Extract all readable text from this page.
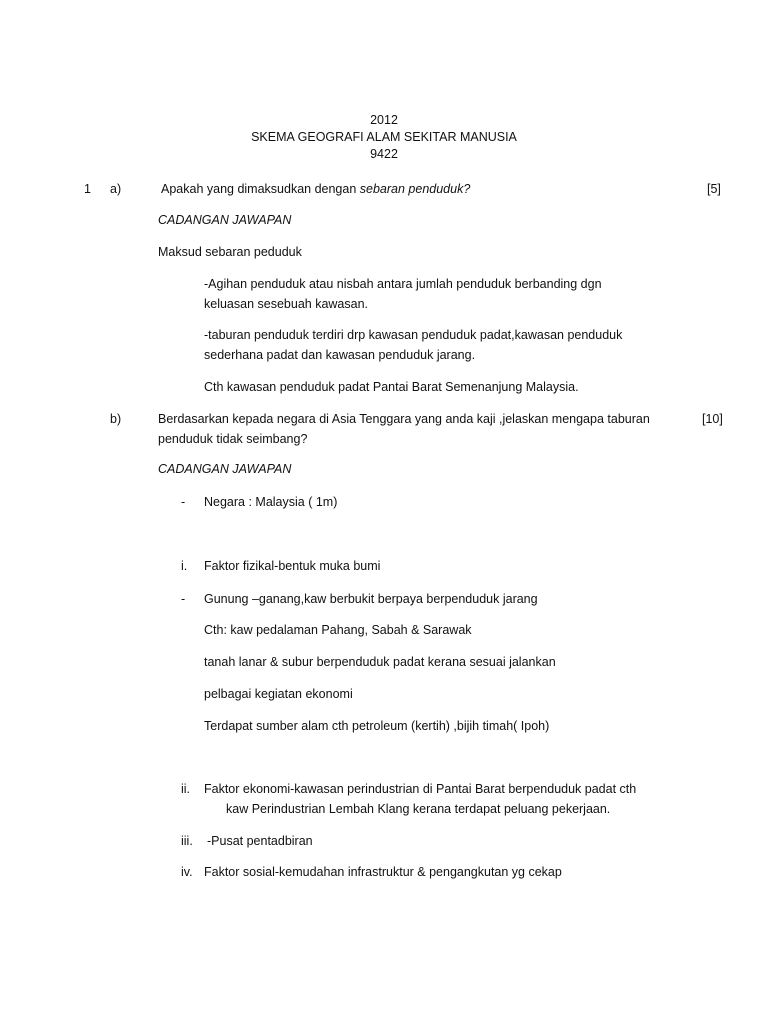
2012
SKEMA GEOGRAFI ALAM SEKITAR MANUSIA
9422
1 a)	Apakah yang dimaksudkan dengan sebaran penduduk?	[5]
CADANGAN JAWAPAN
Maksud sebaran peduduk
-Agihan penduduk atau nisbah antara jumlah penduduk berbanding dgn
keluasan sesebuah kawasan.
-taburan penduduk terdiri drp kawasan penduduk padat,kawasan penduduk
sederhana padat dan kawasan penduduk jarang.
Cth kawasan penduduk padat Pantai Barat Semenanjung Malaysia.
b)	Berdasarkan kepada negara di Asia Tenggara yang anda kaji ,jelaskan mengapa taburan
penduduk tidak seimbang?
[10]
CADANGAN JAWAPAN
- Negara : Malaysia ( 1m)
i. Faktor fizikal-bentuk muka bumi
- Gunung –ganang,kaw berbukit berpaya berpenduduk jarang
Cth: kaw pedalaman Pahang, Sabah & Sarawak
tanah lanar & subur berpenduduk padat kerana sesuai jalankan
pelbagai kegiatan ekonomi
Terdapat sumber alam cth petroleum (kertih) ,bijih timah( Ipoh)
ii. Faktor ekonomi-kawasan perindustrian di Pantai Barat berpenduduk padat cth
kaw Perindustrian Lembah Klang kerana terdapat peluang pekerjaan.
iii. -Pusat pentadbiran
iv. Faktor sosial-kemudahan infrastruktur & pengangkutan yg cekap
